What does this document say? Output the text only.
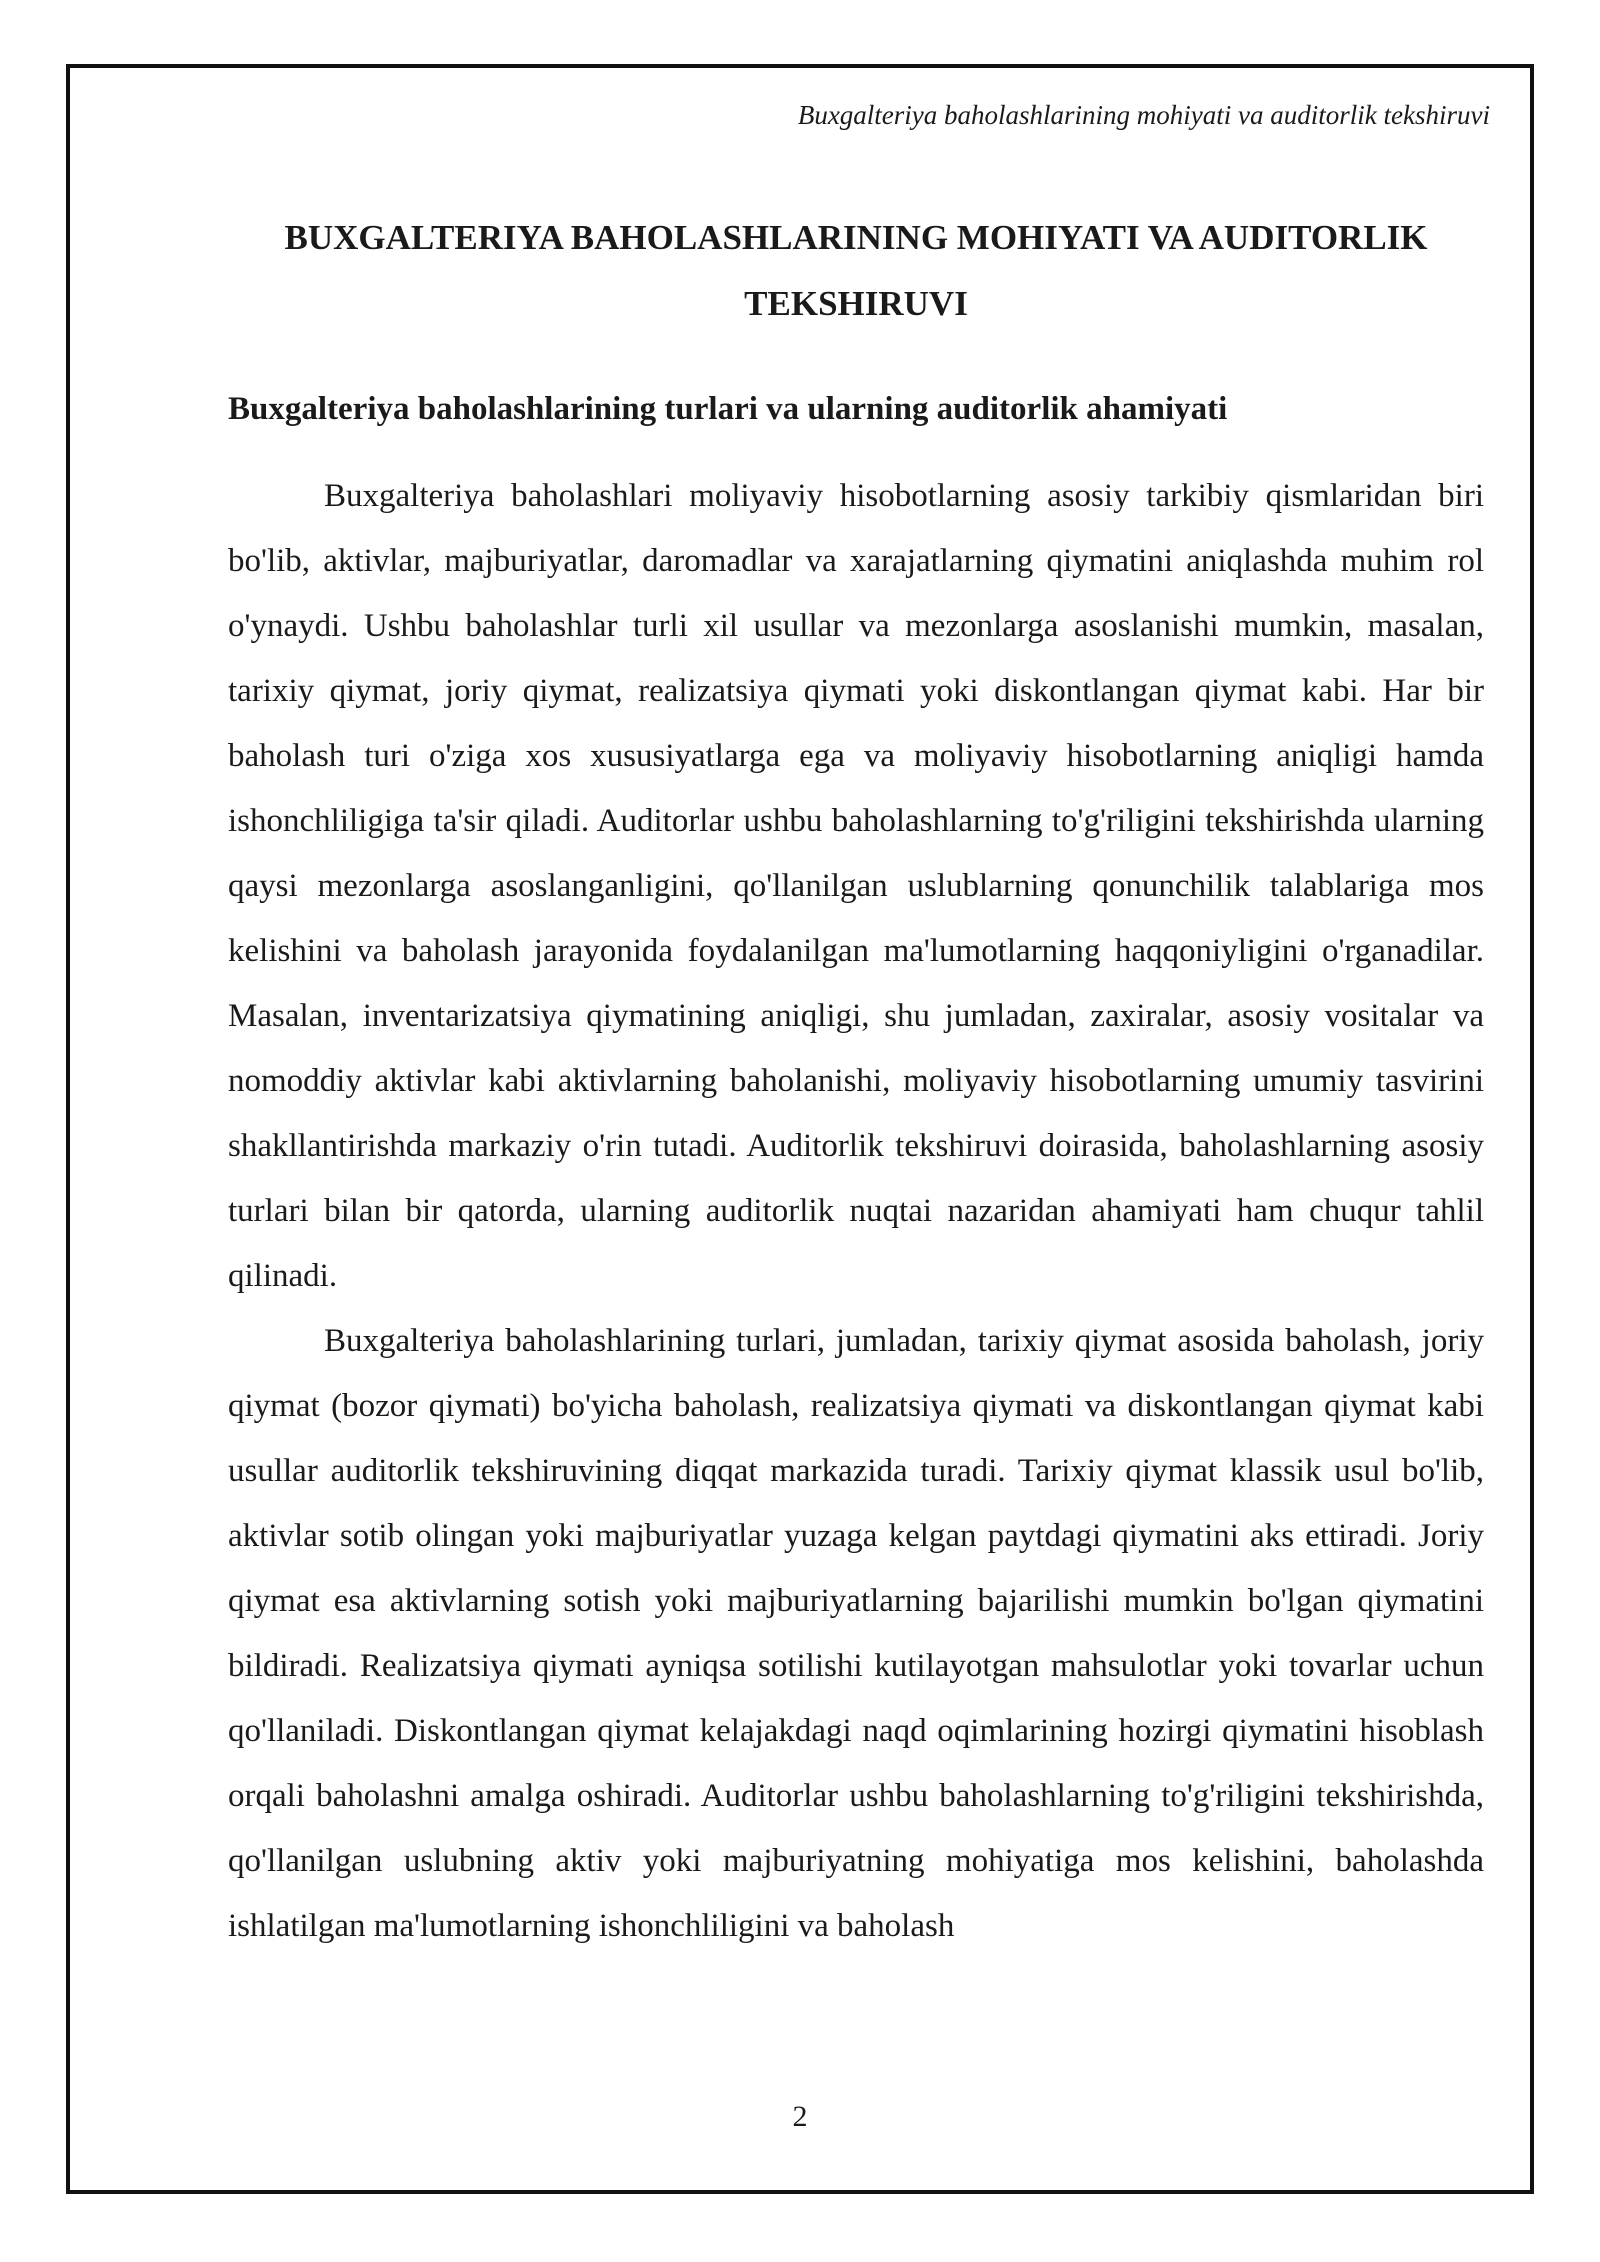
Buxgalteriya baholashlarining mohiyati va auditorlik tekshiruvi
BUXGALTERIYA BAHOLASHLARINING MOHIYATI VA AUDITORLIK TEKSHIRUVI
Buxgalteriya baholashlarining turlari va ularning auditorlik ahamiyati

Buxgalteriya baholashlari moliyaviy hisobotlarning asosiy tarkibiy qismlaridan biri bo'lib, aktivlar, majburiyatlar, daromadlar va xarajatlarning qiymatini aniqlashda muhim rol o'ynaydi. Ushbu baholashlar turli xil usullar va mezonlarga asoslanishi mumkin, masalan, tarixiy qiymat, joriy qiymat, realizatsiya qiymati yoki diskontlangan qiymat kabi. Har bir baholash turi o'ziga xos xususiyatlarga ega va moliyaviy hisobotlarning aniqligi hamda ishonchliligiga ta'sir qiladi. Auditorlar ushbu baholashlarning to'g'riligini tekshirishda ularning qaysi mezonlarga asoslanganligini, qo'llanilgan uslublarning qonunchilik talablariga mos kelishini va baholash jarayonida foydalanilgan ma'lumotlarning haqqoniyligini o'rganadilar. Masalan, inventarizatsiya qiymatining aniqligi, shu jumladan, zaxiralar, asosiy vositalar va nomoddiy aktivlar kabi aktivlarning baholanishi, moliyaviy hisobotlarning umumiy tasvirini shakllantirishda markaziy o'rin tutadi. Auditorlik tekshiruvi doirasida, baholashlarning asosiy turlari bilan bir qatorda, ularning auditorlik nuqtai nazaridan ahamiyati ham chuqur tahlil qilinadi.

Buxgalteriya baholashlarining turlari, jumladan, tarixiy qiymat asosida baholash, joriy qiymat (bozor qiymati) bo'yicha baholash, realizatsiya qiymati va diskontlangan qiymat kabi usullar auditorlik tekshiruvining diqqat markazida turadi. Tarixiy qiymat klassik usul bo'lib, aktivlar sotib olingan yoki majburiyatlar yuzaga kelgan paytdagi qiymatini aks ettiradi. Joriy qiymat esa aktivlarning sotish yoki majburiyatlarning bajarilishi mumkin bo'lgan qiymatini bildiradi. Realizatsiya qiymati ayniqsa sotilishi kutilayotgan mahsulotlar yoki tovarlar uchun qo'llaniladi. Diskontlangan qiymat kelajakdagi naqd oqimlarining hozirgi qiymatini hisoblash orqali baholashni amalga oshiradi. Auditorlar ushbu baholashlarning to'g'riligini tekshirishda, qo'llanilgan uslubning aktiv yoki majburiyatning mohiyatiga mos kelishini, baholashda ishlatilgan ma'lumotlarning ishonchliligini va baholash

2
